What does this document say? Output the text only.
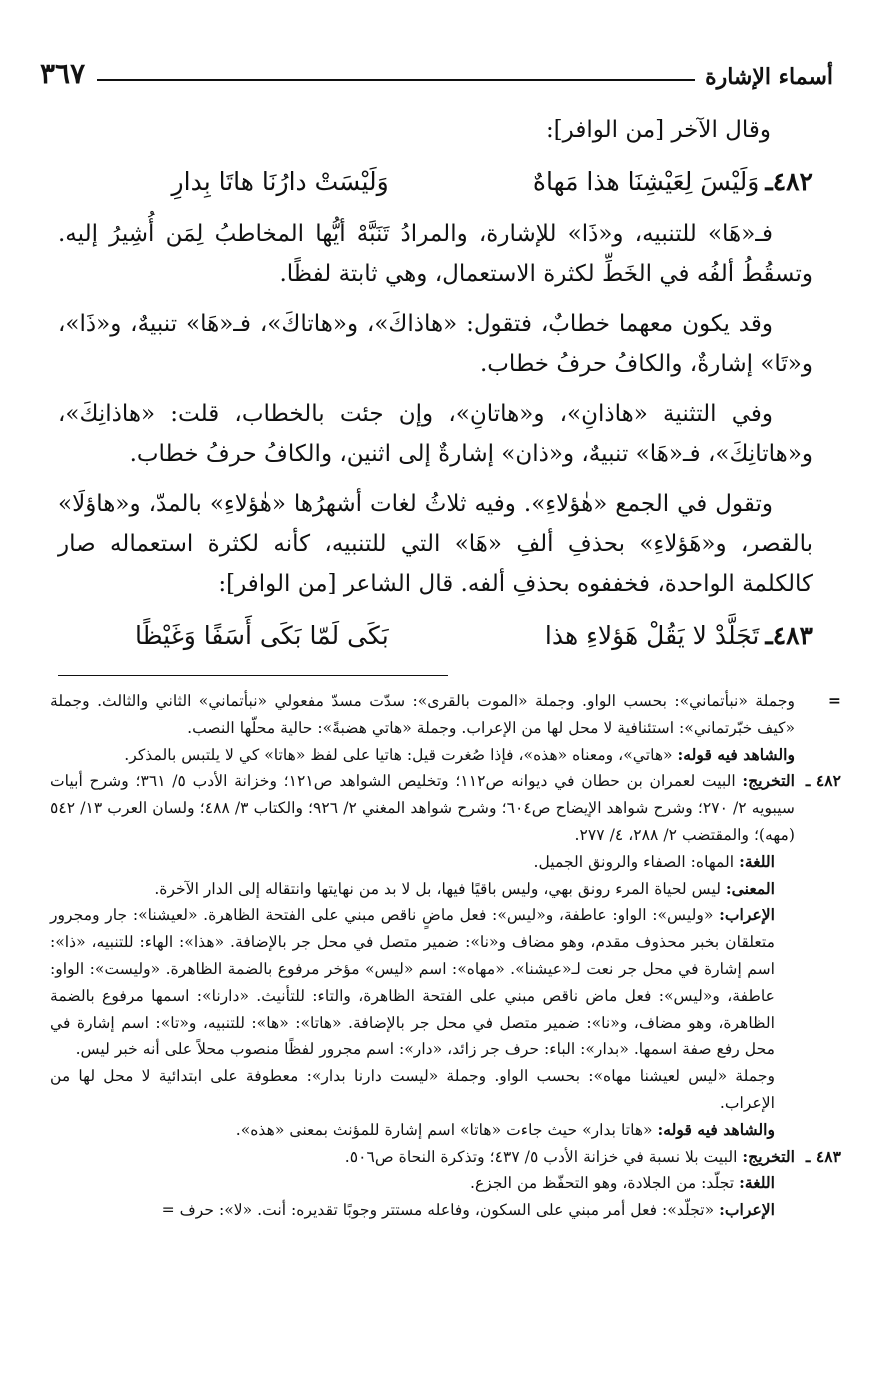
أسماء الإشارة
٣٦٧

وقال الآخر [من الوافر]:

٤٨٢ـ
وَلَيْسَ لِعَيْشِنَا هذا مَهاهٌ
وَلَيْسَتْ دارُنَا هاتَا بِدارِ

فـ«هَا» للتنبيه، و«ذَا» للإشارة، والمرادُ تَنَبَّهْ أيُّها المخاطبُ لِمَن أُشِيرُ إليه. وتسقُطُ ألفُه في الخَطِّ لكثرة الاستعمال، وهي ثابتة لفظًا.

وقد يكون معهما خطابٌ، فتقول: «هاذاكَ»، و«هاتاكَ»، فـ«هَا» تنبيهٌ، و«ذَا»، و«تَا» إشارةٌ، والكافُ حرفُ خطاب.

وفي التثنية «هاذانِ»، و«هاتانِ»، وإن جئت بالخطاب، قلت: «هاذانِكَ»، و«هاتانِكَ»، فـ«هَا» تنبيهٌ، و«ذان» إشارةٌ إلى اثنين، والكافُ حرفُ خطاب.

وتقول في الجمع «هٰؤلاءِ». وفيه ثلاثُ لغات أشهرُها «هٰؤلاءِ» بالمدّ، و«هاؤلَا» بالقصر، و«هَؤلاءِ» بحذفِ ألفِ «هَا» التي للتنبيه، كأنه لكثرة استعماله صار كالكلمة الواحدة، فخففوه بحذفِ ألفه. قال الشاعر [من الوافر]:

٤٨٣ـ
تَجَلَّدْ لا يَقُلْ هَؤلاءِ هذا
بَكَى لَمّا بَكَى أَسَفًا وَغَيْظًا
=
وجملة «نبأتماني»: بحسب الواو. وجملة «الموت بالقرى»: سدّت مسدّ مفعولي «نبأتماني» الثاني والثالث. وجملة «كيف خبّرتماني»: استئنافية لا محل لها من الإعراب. وجملة «هاتي هضبةً»: حالية محلّها النصب.
والشاهد فيه قوله: «هاتي»، ومعناه «هذه»، فإذا صُغرت قيل: هاتيا على لفظ «هاتا» كي لا يلتبس بالمذكر.
٤٨٢ ـ
التخريج: البيت لعمران بن حطان في ديوانه ص١١٢؛ وتخليص الشواهد ص١٢١؛ وخزانة الأدب ٥/ ٣٦١؛ وشرح أبيات سيبويه ٢/ ٢٧٠؛ وشرح شواهد الإيضاح ص٦٠٤؛ وشرح شواهد المغني ٢/ ٩٢٦؛ والكتاب ٣/ ٤٨٨؛ ولسان العرب ١٣/ ٥٤٢ (مهه)؛ والمقتضب ٢/ ٢٨٨، ٤/ ٢٧٧.
اللغة: المهاه: الصفاء والرونق الجميل.
المعنى: ليس لحياة المرء رونق بهي، وليس باقيًا فيها، بل لا بد من نهايتها وانتقاله إلى الدار الآخرة.
الإعراب: «وليس»: الواو: عاطفة، و«ليس»: فعل ماضٍ ناقص مبني على الفتحة الظاهرة. «لعيشنا»: جار ومجرور متعلقان بخبر محذوف مقدم، وهو مضاف و«نا»: ضمير متصل في محل جر بالإضافة. «هذا»: الهاء: للتنبيه، «ذا»: اسم إشارة في محل جر نعت لـ«عيشنا». «مهاه»: اسم «ليس» مؤخر مرفوع بالضمة الظاهرة. «وليست»: الواو: عاطفة، و«ليس»: فعل ماض ناقص مبني على الفتحة الظاهرة، والتاء: للتأنيث. «دارنا»: اسمها مرفوع بالضمة الظاهرة، وهو مضاف، و«نا»: ضمير متصل في محل جر بالإضافة. «هاتا»: «ها»: للتنبيه، و«تا»: اسم إشارة في محل رفع صفة اسمها. «بدار»: الباء: حرف جر زائد، «دار»: اسم مجرور لفظًا منصوب محلاً على أنه خبر ليس.
وجملة «ليس لعيشنا مهاه»: بحسب الواو. وجملة «ليست دارنا بدار»: معطوفة على ابتدائية لا محل لها من الإعراب.
والشاهد فيه قوله: «هاتا بدار» حيث جاءت «هاتا» اسم إشارة للمؤنث بمعنى «هذه».
٤٨٣ ـ
التخريج: البيت بلا نسبة في خزانة الأدب ٥/ ٤٣٧؛ وتذكرة النحاة ص٥٠٦.
اللغة: تجلّد: من الجلادة، وهو التحفّظ من الجزع.
الإعراب: «تجلّد»: فعل أمر مبني على السكون، وفاعله مستتر وجوبًا تقديره: أنت. «لا»: حرف =
